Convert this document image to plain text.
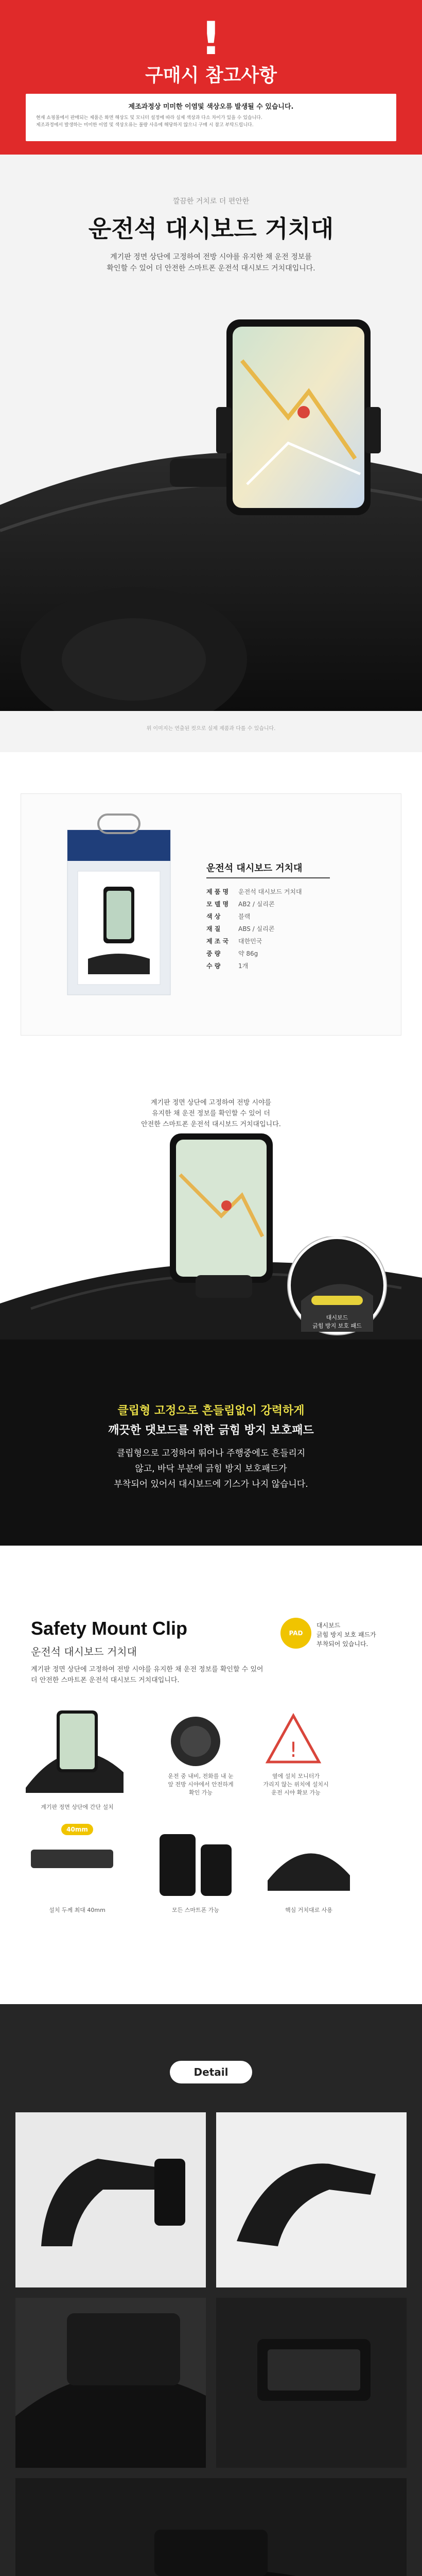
!
구매시 참고사항
제조과정상 미미한 이염및 색상오류 발생될 수 있습니다.
현재 쇼핑몰에서 판매되는 제품은 화면 해상도 및 모니터 설정에 따라 실제 색상과 다소 차이가 있을 수 있습니다.
제조과정에서 발생하는 미미한 이염 및 색상오류는 불량 사유에 해당하지 않으니 구매 시 참고 부탁드립니다.
깔끔한 거치로 더 편안한
운전석 대시보드 거치대
계기판 정면 상단에 고정하여 전방 시야를 유지한 채 운전 정보를
확인할 수 있어 더 안전한 스마트폰 운전석 대시보드 거치대입니다.
위 이미지는 연출된 컷으로 실제 제품과 다를 수 있습니다.
운전석 대시보드 거치대
제 품 명	운전석 대시보드 거치대
모 델 명	AB2 / 실리콘
색 상	블랙
재 질	ABS / 실리콘
제 조 국	대한민국
중 량	약 86g
수 량	1개
계기판 정면 상단에 고정하여 전방 시야를
유지한 채 운전 정보를 확인할 수 있어 더
안전한 스마트폰 운전석 대시보드 거치대입니다.
대시보드
긁힘 방지 보호 패드
클립형 고정으로 흔들림없이 강력하게
깨끗한 댓보드를 위한 긁힘 방지 보호패드
클립형으로 고정하여 뛰어나 주행중에도 흔들리지
않고, 바닥 부분에 긁힘 방지 보호패드가
부착되어 있어서 대시보드에 기스가 나지 않습니다.
Safety Mount Clip
운전석 대시보드 거치대
PAD
대시보드
긁힘 방지 보호 패드가
부착되어 있습니다.
계기판 정면 상단에 고정하여 전방 시야를 유지한 채 운전 정보를 확인할 수 있어
더 안전한 스마트폰 운전석 대시보드 거치대입니다.
!
계기판 정면 상단에 간단 설치
운전 중 내비, 전화를 내 눈
앞 전방 시야에서 안전하게
확인 가능
옆에 설치 모니터가
가리지 않는 위치에 설치시
운전 시야 확보 가능
40mm
설치 두께 최대 40mm	모든 스마트폰 가능	핵심 거치대로 사용
Detail
